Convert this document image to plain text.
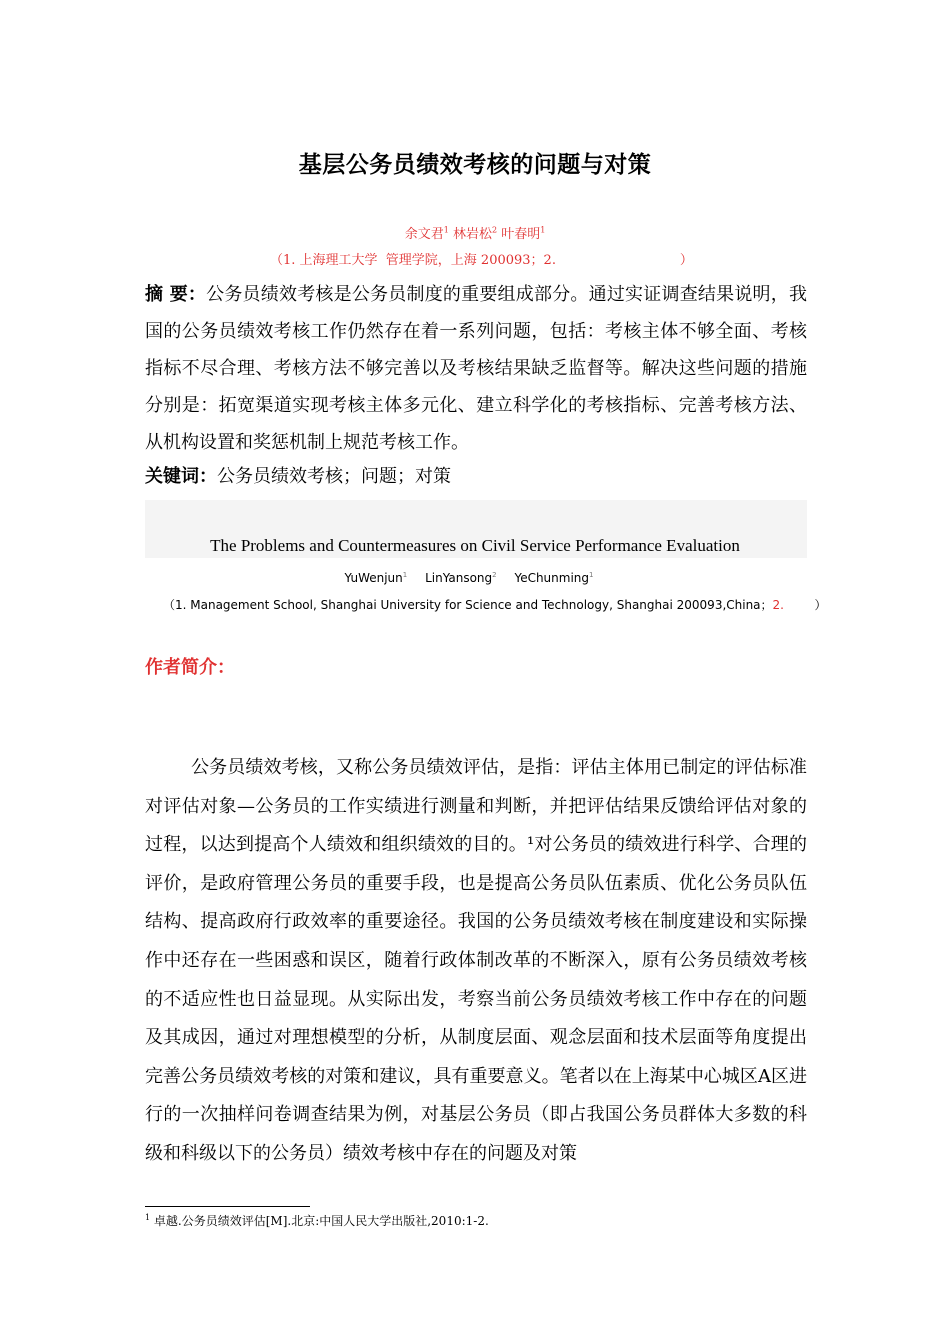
基层公务员绩效考核的问题与对策
余文君$^1$ 林岩松$^2$ 叶春明$^1$
（1. 上海理工大学  管理学院，上海 200093；2.                              ）
摘 要：公务员绩效考核是公务员制度的重要组成部分。通过实证调查结果说明，我国的公务员绩效考核工作仍然存在着一系列问题，包括：考核主体不够全面、考核指标不尽合理、考核方法不够完善以及考核结果缺乏监督等。解决这些问题的措施分别是：拓宽渠道实现考核主体多元化、建立科学化的考核指标、完善考核方法、从机构设置和奖惩机制上规范考核工作。
关键词：公务员绩效考核；问题；对策
The Problems and Countermeasures on Civil Service Performance Evaluation
YuWenjun$^1$ LinYansong$^2$ YeChunming$^1$
（1. Management School, Shanghai University for Science and Technology, Shanghai 200093,China；2.	）
作者简介：
公务员绩效考核，又称公务员绩效评估，是指：评估主体用已制定的评估标准对评估对象—公务员的工作实绩进行测量和判断，并把评估结果反馈给评估对象的过程，以达到提高个人绩效和组织绩效的目的。¹对公务员的绩效进行科学、合理的评价，是政府管理公务员的重要手段，也是提高公务员队伍素质、优化公务员队伍结构、提高政府行政效率的重要途径。我国的公务员绩效考核在制度建设和实际操作中还存在一些困惑和误区，随着行政体制改革的不断深入，原有公务员绩效考核的不适应性也日益显现。从实际出发，考察当前公务员绩效考核工作中存在的问题及其成因，通过对理想模型的分析，从制度层面、观念层面和技术层面等角度提出完善公务员绩效考核的对策和建议，具有重要意义。笔者以在上海某中心城区A区进行的一次抽样问卷调查结果为例，对基层公务员（即占我国公务员群体大多数的科级和科级以下的公务员）绩效考核中存在的问题及对策
$^1$ 卓越.公务员绩效评估[M].北京:中国人民大学出版社,2010:1-2.
